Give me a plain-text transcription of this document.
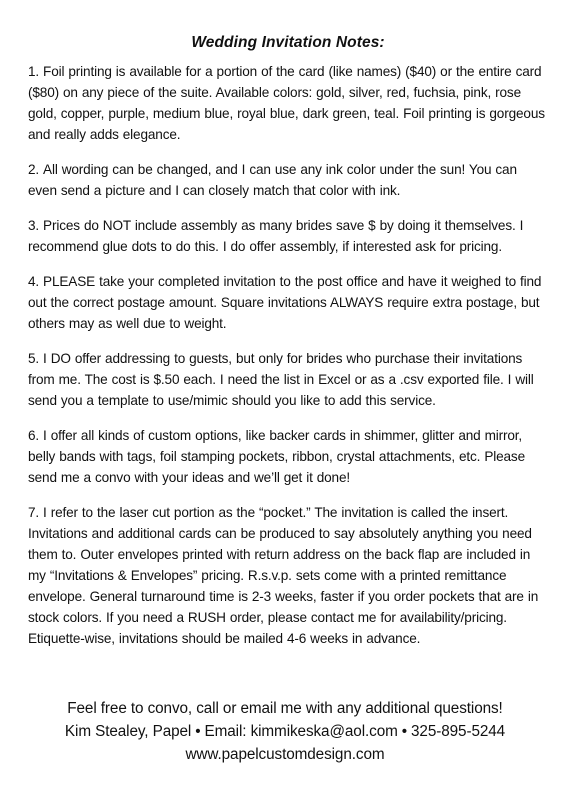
Wedding Invitation Notes:

1. Foil printing is available for a portion of the card (like names) ($40) or the entire card ($80) on any piece of the suite. Available colors: gold, silver, red, fuchsia, pink, rose gold, copper, purple, medium blue, royal blue, dark green, teal. Foil printing is gorgeous and really adds elegance.

2. All wording can be changed, and I can use any ink color under the sun! You can even send a picture and I can closely match that color with ink.

3. Prices do NOT include assembly as many brides save $ by doing it themselves. I recommend glue dots to do this. I do offer assembly, if interested ask for pricing.

4. PLEASE take your completed invitation to the post office and have it weighed to find out the correct postage amount. Square invitations ALWAYS require extra postage, but others may as well due to weight.

5. I DO offer addressing to guests, but only for brides who purchase their invitations from me. The cost is $.50 each. I need the list in Excel or as a .csv exported file. I will send you a template to use/mimic should you like to add this service.

6. I offer all kinds of custom options, like backer cards in shimmer, glitter and mirror, belly bands with tags, foil stamping pockets, ribbon, crystal attachments, etc. Please send me a convo with your ideas and we’ll get it done!

7. I refer to the laser cut portion as the “pocket.” The invitation is called the insert. Invitations and additional cards can be produced to say absolutely anything you need them to. Outer envelopes printed with return address on the back flap are included in my “Invitations & Envelopes” pricing. R.s.v.p. sets come with a printed remittance envelope. General turnaround time is 2-3 weeks, faster if you order pockets that are in stock colors. If you need a RUSH order, please contact me for availability/pricing. Etiquette-wise, invitations should be mailed 4-6 weeks in advance.

Feel free to convo, call or email me with any additional questions!
Kim Stealey, Papel • Email: kimmikeska@aol.com • 325-895-5244
www.papelcustomdesign.com
